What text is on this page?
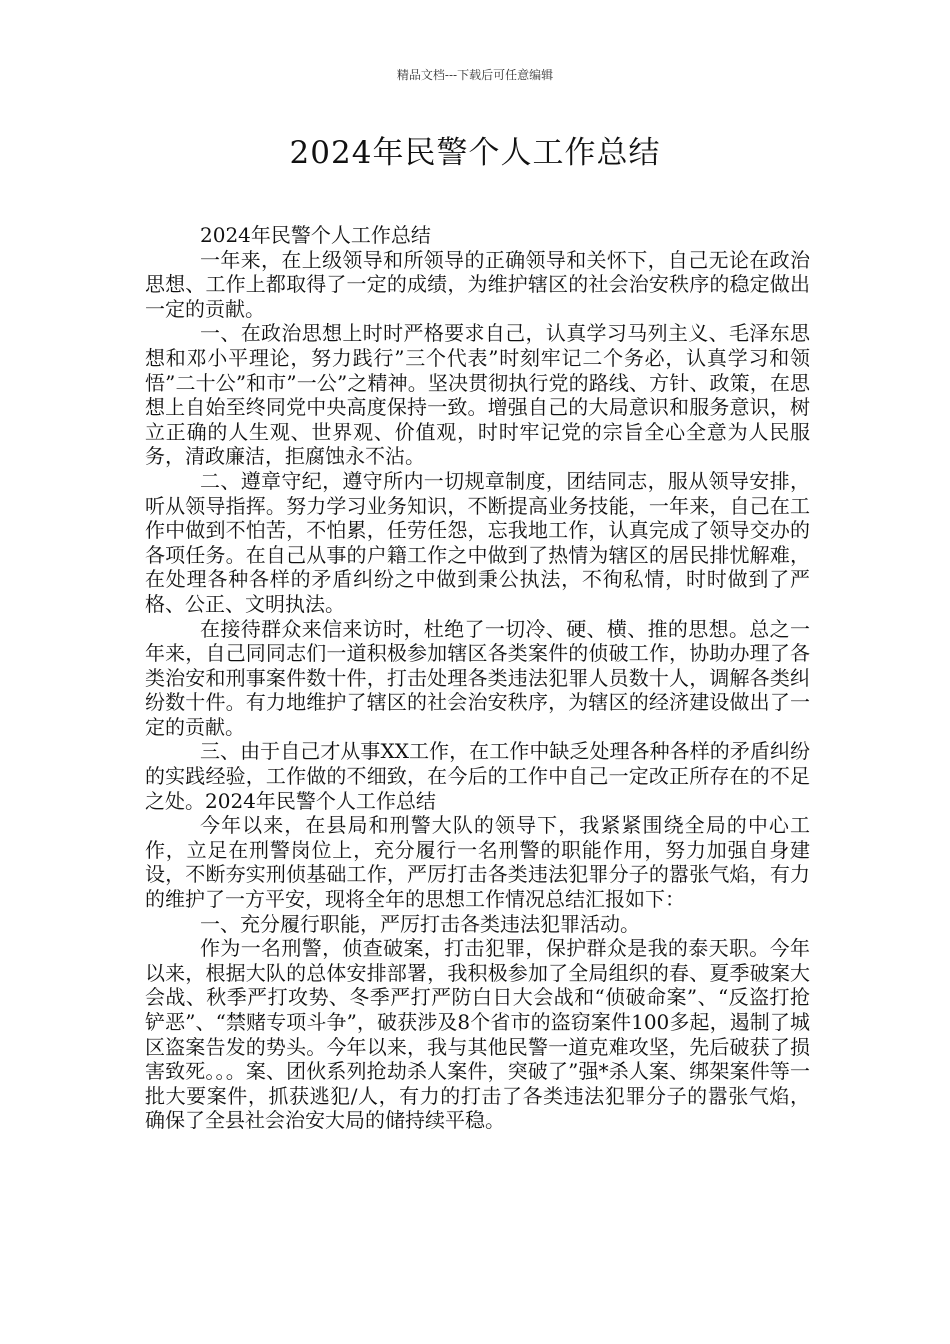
精品文档---下载后可任意编辑
2024年民警个人工作总结

2024年民警个人工作总结

一年来，在上级领导和所领导的正确领导和关怀下，自己无论在政治思想、工作上都取得了一定的成绩，为维护辖区的社会治安秩序的稳定做出一定的贡献。

一、在政治思想上时时严格要求自己，认真学习马列主义、毛泽东思想和邓小平理论，努力践行”三个代表”时刻牢记二个务必，认真学习和领悟”二十公”和市”一公”之精神。坚决贯彻执行党的路线、方针、政策，在思想上自始至终同党中央高度保持一致。增强自己的大局意识和服务意识，树立正确的人生观、世界观、价值观，时时牢记党的宗旨全心全意为人民服务，清政廉洁，拒腐蚀永不沾。

二、遵章守纪，遵守所内一切规章制度，团结同志，服从领导安排，听从领导指挥。努力学习业务知识，不断提高业务技能，一年来，自己在工作中做到不怕苦，不怕累，任劳任怨，忘我地工作，认真完成了领导交办的各项任务。在自己从事的户籍工作之中做到了热情为辖区的居民排忧解难，在处理各种各样的矛盾纠纷之中做到秉公执法，不徇私情，时时做到了严格、公正、文明执法。

在接待群众来信来访时，杜绝了一切冷、硬、横、推的思想。总之一年来，自己同同志们一道积极参加辖区各类案件的侦破工作，协助办理了各类治安和刑事案件数十件，打击处理各类违法犯罪人员数十人，调解各类纠纷数十件。有力地维护了辖区的社会治安秩序，为辖区的经济建设做出了一定的贡献。

三、由于自己才从事XX工作，在工作中缺乏处理各种各样的矛盾纠纷的实践经验，工作做的不细致，在今后的工作中自己一定改正所存在的不足之处。2024年民警个人工作总结

今年以来，在县局和刑警大队的领导下，我紧紧围绕全局的中心工作，立足在刑警岗位上，充分履行一名刑警的职能作用，努力加强自身建设，不断夯实刑侦基础工作，严厉打击各类违法犯罪分子的嚣张气焰，有力的维护了一方平安，现将全年的思想工作情况总结汇报如下：

一、充分履行职能，严厉打击各类违法犯罪活动。

作为一名刑警，侦查破案，打击犯罪，保护群众是我的泰天职。今年以来，根据大队的总体安排部署，我积极参加了全局组织的春、夏季破案大会战、秋季严打攻势、冬季严打严防白日大会战和“侦破命案”、“反盗打抢铲恶”、“禁赌专项斗争”，破获涉及8个省市的盗窃案件100多起，遏制了城区盗案告发的势头。今年以来，我与其他民警一道克难攻坚，先后破获了损害致死。。。案、团伙系列抢劫杀人案件，突破了”强*杀人案、绑架案件等一批大要案件，抓获逃犯/人，有力的打击了各类违法犯罪分子的嚣张气焰，确保了全县社会治安大局的储持续平稳。
